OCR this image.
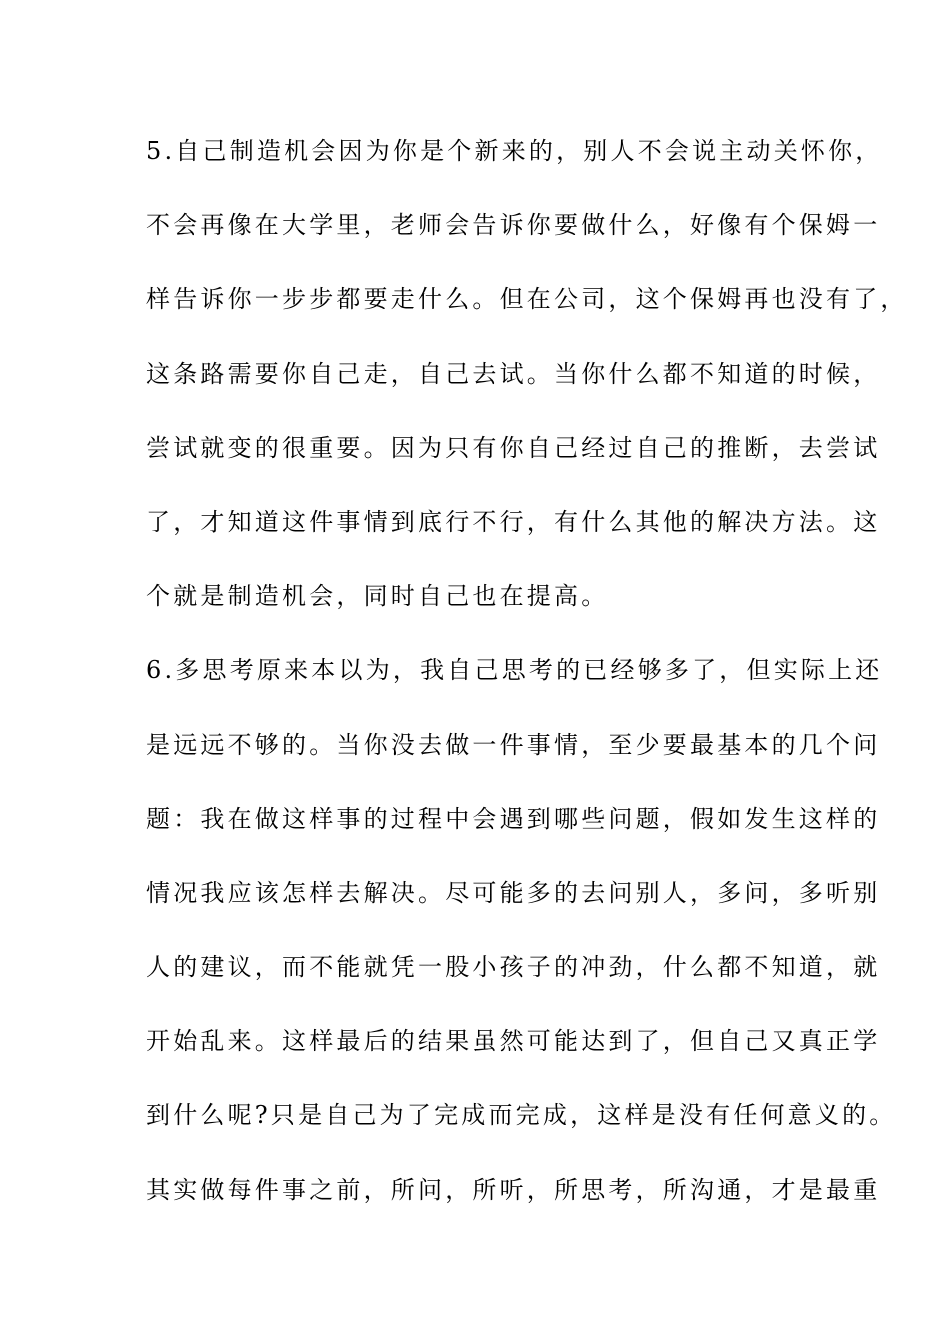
5.自己制造机会因为你是个新来的，别人不会说主动关怀你，
不会再像在大学里，老师会告诉你要做什么，好像有个保姆一
样告诉你一步步都要走什么。但在公司，这个保姆再也没有了，
这条路需要你自己走，自己去试。当你什么都不知道的时候，
尝试就变的很重要。因为只有你自己经过自己的推断，去尝试
了，才知道这件事情到底行不行，有什么其他的解决方法。这
个就是制造机会，同时自己也在提高。
6.多思考原来本以为，我自己思考的已经够多了，但实际上还
是远远不够的。当你没去做一件事情，至少要最基本的几个问
题：我在做这样事的过程中会遇到哪些问题，假如发生这样的
情况我应该怎样去解决。尽可能多的去问别人，多问，多听别
人的建议，而不能就凭一股小孩子的冲劲，什么都不知道，就
开始乱来。这样最后的结果虽然可能达到了，但自己又真正学
到什么呢?只是自己为了完成而完成，这样是没有任何意义的。
其实做每件事之前，所问，所听，所思考，所沟通，才是最重
